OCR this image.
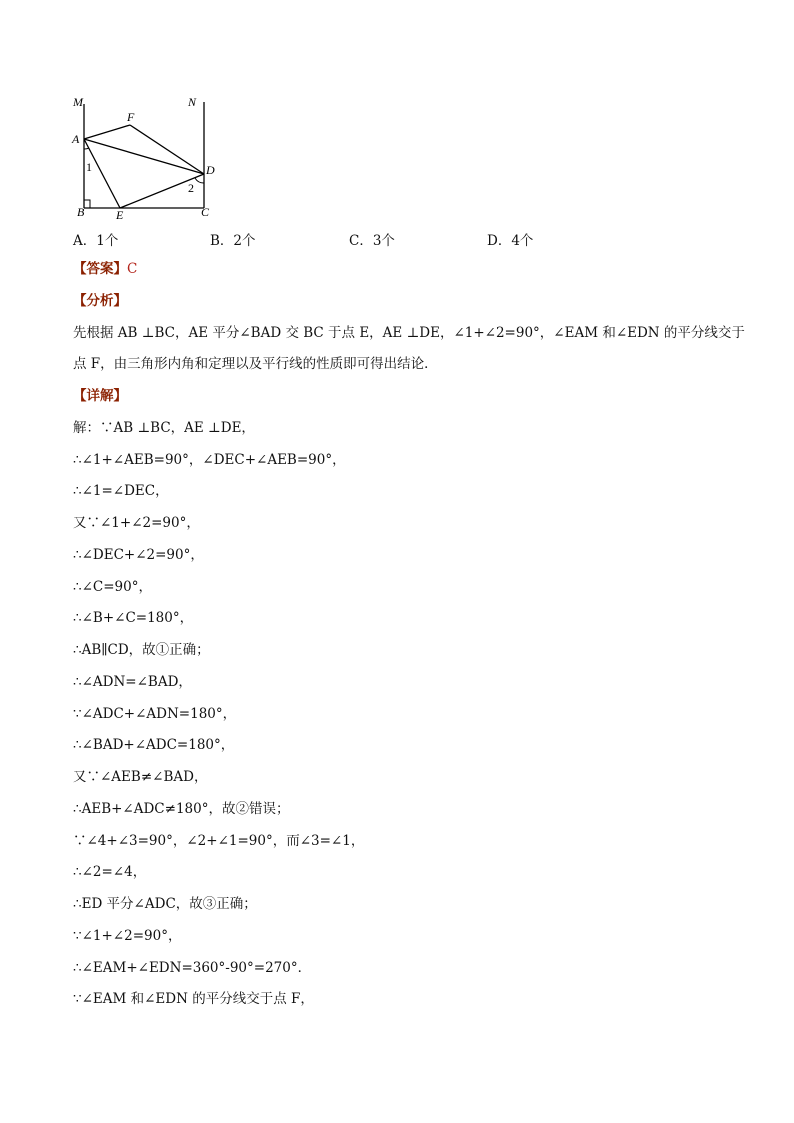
M	N
A
F
D
B	E	C
1
2
A．1个	B．2个	C．3个	D．4个
【答案】C
【分析】
先根据 AB ⊥BC，AE 平分∠BAD 交 BC 于点 E，AE ⊥DE，∠1+∠2=90°，∠EAM 和∠EDN 的平分线交于
点 F，由三角形内角和定理以及平行线的性质即可得出结论．
【详解】
解：∵AB ⊥BC，AE ⊥DE，
∴∠1+∠AEB=90°，∠DEC+∠AEB=90°，
∴∠1=∠DEC，
又∵∠1+∠2=90°，
∴∠DEC+∠2=90°，
∴∠C=90°，
∴∠B+∠C=180°，
∴AB∥CD，故①正确；
∴∠ADN=∠BAD，
∵∠ADC+∠ADN=180°，
∴∠BAD+∠ADC=180°，
又∵∠AEB≠∠BAD，
∴AEB+∠ADC≠180°，故②错误；
∵∠4+∠3=90°，∠2+∠1=90°，而∠3=∠1，
∴∠2=∠4，
∴ED 平分∠ADC，故③正确；
∵∠1+∠2=90°，
∴∠EAM+∠EDN=360°-90°=270°．
∵∠EAM 和∠EDN 的平分线交于点 F，
